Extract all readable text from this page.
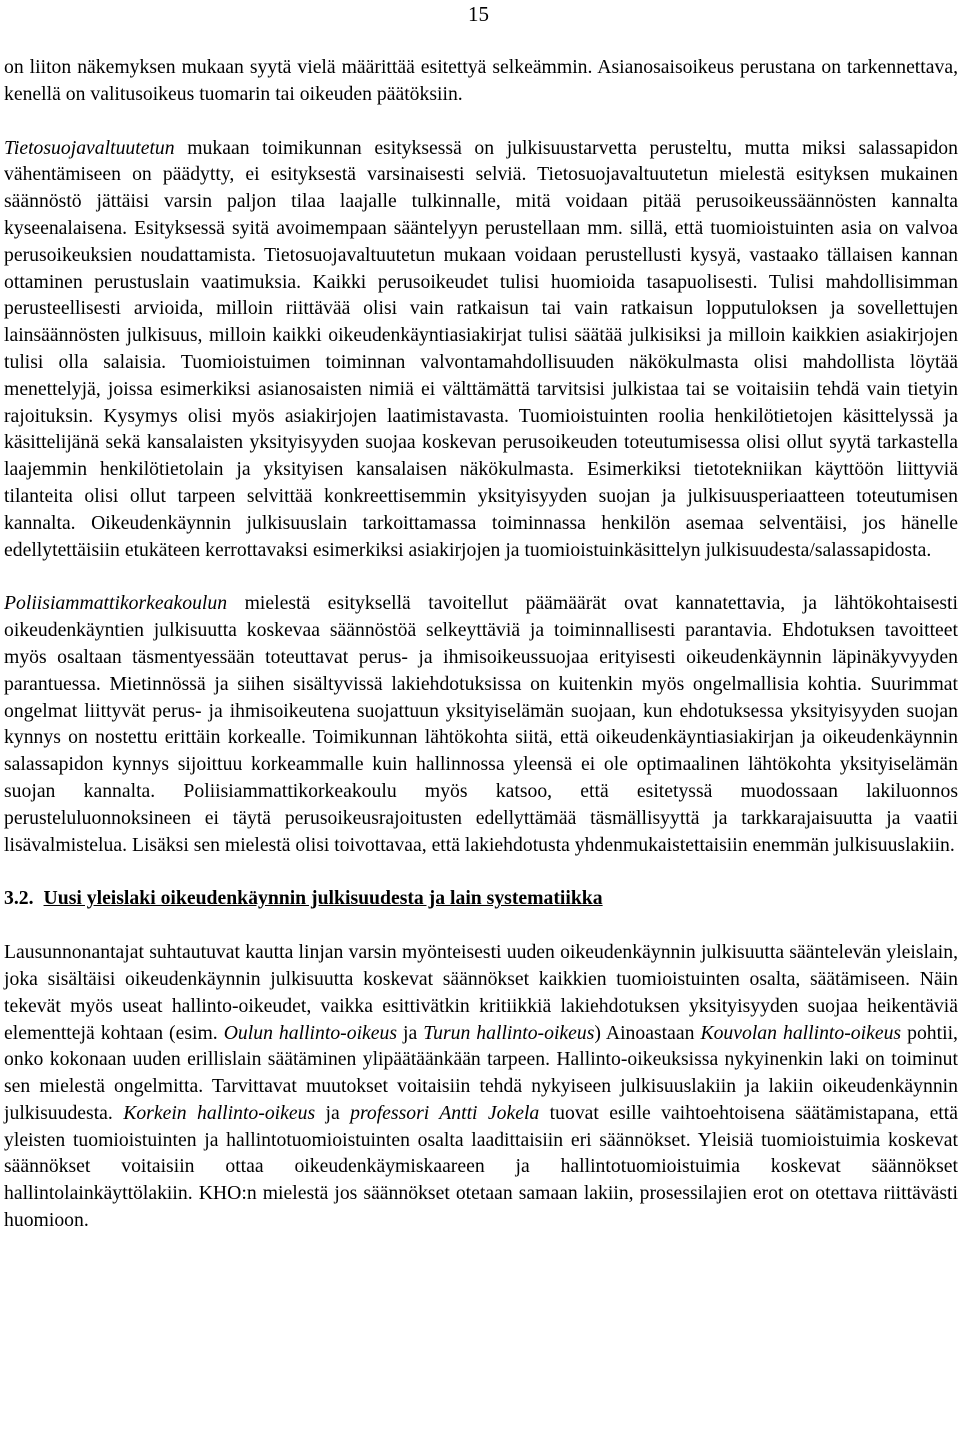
15

on liiton näkemyksen mukaan syytä vielä määrittää esitettyä selkeämmin. Asianosaisoikeus perustana on tarkennettava, kenellä on valitusoikeus tuomarin tai oikeuden päätöksiin.

Tietosuojavaltuutetun mukaan toimikunnan esityksessä on julkisuustarvetta perusteltu, mutta miksi salassapidon vähentämiseen on päädytty, ei esityksestä varsinaisesti selviä. Tietosuojavaltuutetun mielestä esityksen mukainen säännöstö jättäisi varsin paljon tilaa laajalle tulkinnalle, mitä voidaan pitää perusoikeussäännösten kannalta kyseenalaisena. Esityksessä syitä avoimempaan sääntelyyn perustellaan mm. sillä, että tuomioistuinten asia on valvoa perusoikeuksien noudattamista. Tietosuojavaltuutetun mukaan voidaan perustellusti kysyä, vastaako tällaisen kannan ottaminen perustuslain vaatimuksia. Kaikki perusoikeudet tulisi huomioida tasapuolisesti. Tulisi mahdollisimman perusteellisesti arvioida, milloin riittävää olisi vain ratkaisun tai vain ratkaisun lopputuloksen ja sovellettujen lainsäännösten julkisuus, milloin kaikki oikeudenkäyntiasiakirjat tulisi säätää julkisiksi ja milloin kaikkien asiakirjojen tulisi olla salaisia. Tuomioistuimen toiminnan valvontamahdollisuuden näkökulmasta olisi mahdollista löytää menettelyjä, joissa esimerkiksi asianosaisten nimiä ei välttämättä tarvitsisi julkistaa tai se voitaisiin tehdä vain tietyin rajoituksin. Kysymys olisi myös asiakirjojen laatimistavasta. Tuomioistuinten roolia henkilötietojen käsittelyssä ja käsittelijänä sekä kansalaisten yksityisyyden suojaa koskevan perusoikeuden toteutumisessa olisi ollut syytä tarkastella laajemmin henkilötietolain ja yksityisen kansalaisen näkökulmasta. Esimerkiksi tietotekniikan käyttöön liittyviä tilanteita olisi ollut tarpeen selvittää konkreettisemmin yksityisyyden suojan ja julkisuusperiaatteen toteutumisen kannalta. Oikeudenkäynnin julkisuuslain tarkoittamassa toiminnassa henkilön asemaa selventäisi, jos hänelle edellytettäisiin etukäteen kerrottavaksi esimerkiksi asiakirjojen ja tuomioistuinkäsittelyn julkisuudesta/salassapidosta.

Poliisiammattikorkeakoulun mielestä esityksellä tavoitellut päämäärät ovat kannatettavia, ja lähtökohtaisesti oikeudenkäyntien julkisuutta koskevaa säännöstöä selkeyttäviä ja toiminnallisesti parantavia. Ehdotuksen tavoitteet myös osaltaan täsmentyessään toteuttavat perus- ja ihmisoikeussuojaa erityisesti oikeudenkäynnin läpinäkyvyyden parantuessa. Mietinnössä ja siihen sisältyvissä lakiehdotuksissa on kuitenkin myös ongelmallisia kohtia. Suurimmat ongelmat liittyvät perus- ja ihmisoikeutena suojattuun yksityiselämän suojaan, kun ehdotuksessa yksityisyyden suojan kynnys on nostettu erittäin korkealle. Toimikunnan lähtökohta siitä, että oikeudenkäyntiasiakirjan ja oikeudenkäynnin salassapidon kynnys sijoittuu korkeammalle kuin hallinnossa yleensä ei ole optimaalinen lähtökohta yksityiselämän suojan kannalta. Poliisiammattikorkeakoulu myös katsoo, että esitetyssä muodossaan lakiluonnos perusteluluonnoksineen ei täytä perusoikeusrajoitusten edellyttämää täsmällisyyttä ja tarkkarajaisuutta ja vaatii lisävalmistelua. Lisäksi sen mielestä olisi toivottavaa, että lakiehdotusta yhdenmukaistettaisiin enemmän julkisuuslakiin.

3.2. Uusi yleislaki oikeudenkäynnin julkisuudesta ja lain systematiikka

Lausunnonantajat suhtautuvat kautta linjan varsin myönteisesti uuden oikeudenkäynnin julkisuutta sääntelevän yleislain, joka sisältäisi oikeudenkäynnin julkisuutta koskevat säännökset kaikkien tuomioistuinten osalta, säätämiseen. Näin tekevät myös useat hallinto-oikeudet, vaikka esittivätkin kritiikkiä lakiehdotuksen yksityisyyden suojaa heikentäviä elementtejä kohtaan (esim. Oulun hallinto-oikeus ja Turun hallinto-oikeus) Ainoastaan Kouvolan hallinto-oikeus pohtii, onko kokonaan uuden erillislain säätäminen ylipäätäänkään tarpeen. Hallinto-oikeuksissa nykyinenkin laki on toiminut sen mielestä ongelmitta. Tarvittavat muutokset voitaisiin tehdä nykyiseen julkisuuslakiin ja lakiin oikeudenkäynnin julkisuudesta. Korkein hallinto-oikeus ja professori Antti Jokela tuovat esille vaihtoehtoisena säätämistapana, että yleisten tuomioistuinten ja hallintotuomioistuinten osalta laadittaisiin eri säännökset. Yleisiä tuomioistuimia koskevat säännökset voitaisiin ottaa oikeudenkäymiskaareen ja hallintotuomioistuimia koskevat säännökset hallintolainkäyttölakiin. KHO:n mielestä jos säännökset otetaan samaan lakiin, prosessilajien erot on otettava riittävästi huomioon.
